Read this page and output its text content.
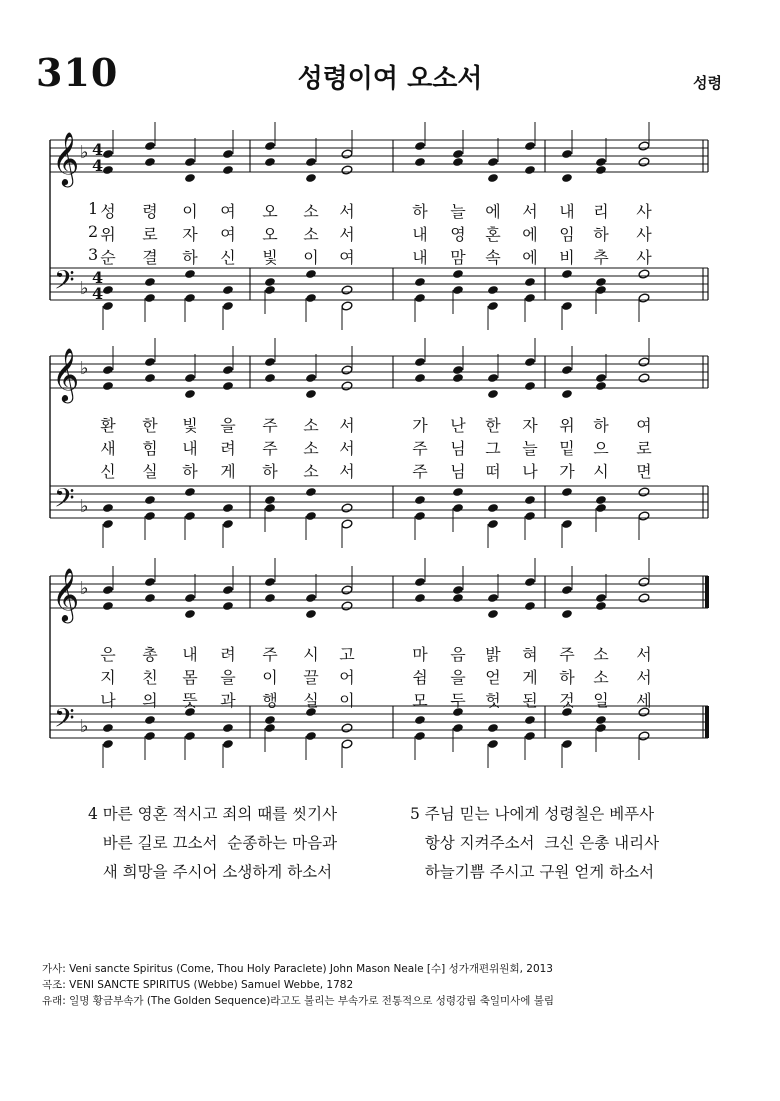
310	성령이여 오소서	성령
𝄞 ♭ 4
4
𝄢 ♭
4
4
𝄞 ♭
𝄢 ♭
𝄞 ♭
𝄢 ♭
1 성 령 이 여 오 소 서	하 늘 에 서 내 리 사
2 위 로 자 여 오 소 서	내 영 혼 에 임 하 사
3 순 결 하 신 빛 이 여	내 맘 속 에 비 추 사
환 한 빛 을 주 소 서	가 난 한 자 위 하 여
새 힘 내 려 주 소 서	주 님 그 늘 밑 으 로
신 실 하 게 하 소 서	주 님 떠 나 가 시 면
은 총 내 려 주 시 고	마 음 밝 혀 주 소 서
지 친 몸 을 이 끌 어	쉼 을 얻 게 하 소 서
나 의 뜻 과 행 실 이	모 두 헛 된 것 일 세
4 마른 영혼 적시고 죄의 때를 씻기사
바른 길로 끄소서  순종하는 마음과
새 희망을 주시어 소생하게 하소서
5 주님 믿는 나에게 성령칠은 베푸사
항상 지켜주소서  크신 은총 내리사
하늘기쁨 주시고 구원 얻게 하소서
가사: Veni sancte Spiritus (Come, Thou Holy Paraclete) John Mason Neale [수] 성가개편위원회, 2013
곡조: VENI SANCTE SPIRITUS (Webbe) Samuel Webbe, 1782
유래: 일명 황금부속가 (The Golden Sequence)라고도 불리는 부속가로 전통적으로 성령강림 축일미사에 불림
